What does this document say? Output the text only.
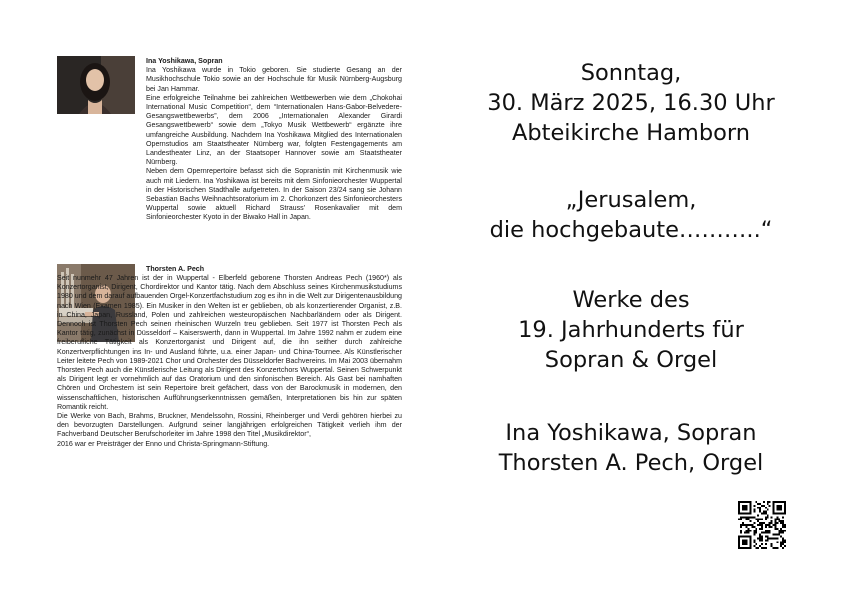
Ina Yoshikawa, Sopran
Ina Yoshikawa wurde in Tokio geboren. Sie studierte Gesang an der Musikhochschule Tokio sowie an der Hochschule für Musik Nürnberg-Augsburg bei Jan Hammar.
Eine erfolgreiche Teilnahme bei zahlreichen Wettbewerben wie dem „Chokohai International Music Competition“, dem “Internationalen Hans-Gabor-Belvedere-Gesangswettbewerbs”, dem 2006 „Internationalen Alexander Girardi Gesangswettbewerb“ sowie dem „Tokyo Musik Wettbewerb“ ergänzte ihre umfangreiche Ausbildung. Nachdem Ina Yoshikawa Mitglied des Internationalen Opernstudios am Staatstheater Nürnberg war, folgten Festengagements am Landestheater Linz, an der Staatsoper Hannover sowie am Staatstheater Nürnberg.
Neben dem Opernrepertoire befasst sich die Sopranistin mit Kirchenmusik wie auch mit Liedern. Ina Yoshikawa ist bereits mit dem Sinfonieorchester Wuppertal in der Historischen Stadthalle aufgetreten. In der Saison 23/24 sang sie Johann Sebastian Bachs Weihnachtsoratorium im 2. Chorkonzert des Sinfonieorchesters Wuppertal sowie aktuell Richard Strauss' Rosenkavalier mit dem Sinfonieorchester Kyoto in der Biwako Hall in Japan.
Thorsten A. Pech
Seit nunmehr 47 Jahren ist der in Wuppertal - Elberfeld geborene Thorsten Andreas Pech (1960*) als Konzertorganist, Dirigent, Chordirektor und Kantor tätig. Nach dem Abschluss seines Kirchenmusikstudiums 1980 und dem darauf aufbauenden Orgel-Konzertfachstudium zog es ihn in die Welt zur Dirigentenausbildung nach Wien (Examen 1985). Ein Musiker in den Welten ist er geblieben, ob als konzertierender Organist, z.B. in China, Japan, Russland, Polen und zahlreichen westeuropäischen Nachbarländern oder als Dirigent. Dennoch ist Thorsten Pech seinen rheinischen Wurzeln treu geblieben. Seit 1977 ist Thorsten Pech als Kantor tätig, zunächst in Düsseldorf – Kaiserswerth, dann in Wuppertal. Im Jahre 1992 nahm er zudem eine freiberufliche Tätigkeit als Konzertorganist und Dirigent auf, die ihn seither durch zahlreiche Konzertverpflichtungen ins In- und Ausland führte, u.a. einer Japan- und China-Tournee. Als Künstlerischer Leiter leitete Pech von 1989-2021 Chor und Orchester des Düsseldorfer Bachvereins. Im Mai 2003 übernahm Thorsten Pech auch die Künstlerische Leitung als Dirigent des Konzertchors Wuppertal. Seinen Schwerpunkt als Dirigent legt er vornehmlich auf das Oratorium und den sinfonischen Bereich. Als Gast bei namhaften Chören und Orchestern ist sein Repertoire breit gefächert, dass von der Barockmusik in modernen, den wissenschaftlichen, historischen Aufführungserkenntnissen gemäßen, Interpretationen bis hin zur späten Romantik reicht.
Die Werke von Bach, Brahms, Bruckner, Mendelssohn, Rossini, Rheinberger und Verdi gehören hierbei zu den bevorzugten Darstellungen. Aufgrund seiner langjährigen erfolgreichen Tätigkeit verlieh ihm der Fachverband Deutscher Berufschorleiter im Jahre 1998 den Titel „Musikdirektor“,
2016 war er Preisträger der Enno und Christa-Springmann-Stiftung.
Sonntag,
30. März 2025, 16.30 Uhr
Abteikirche Hamborn
„Jerusalem,
die hochgebaute………..“
Werke des
19. Jahrhunderts für
Sopran & Orgel
Ina Yoshikawa, Sopran
Thorsten A. Pech, Orgel
